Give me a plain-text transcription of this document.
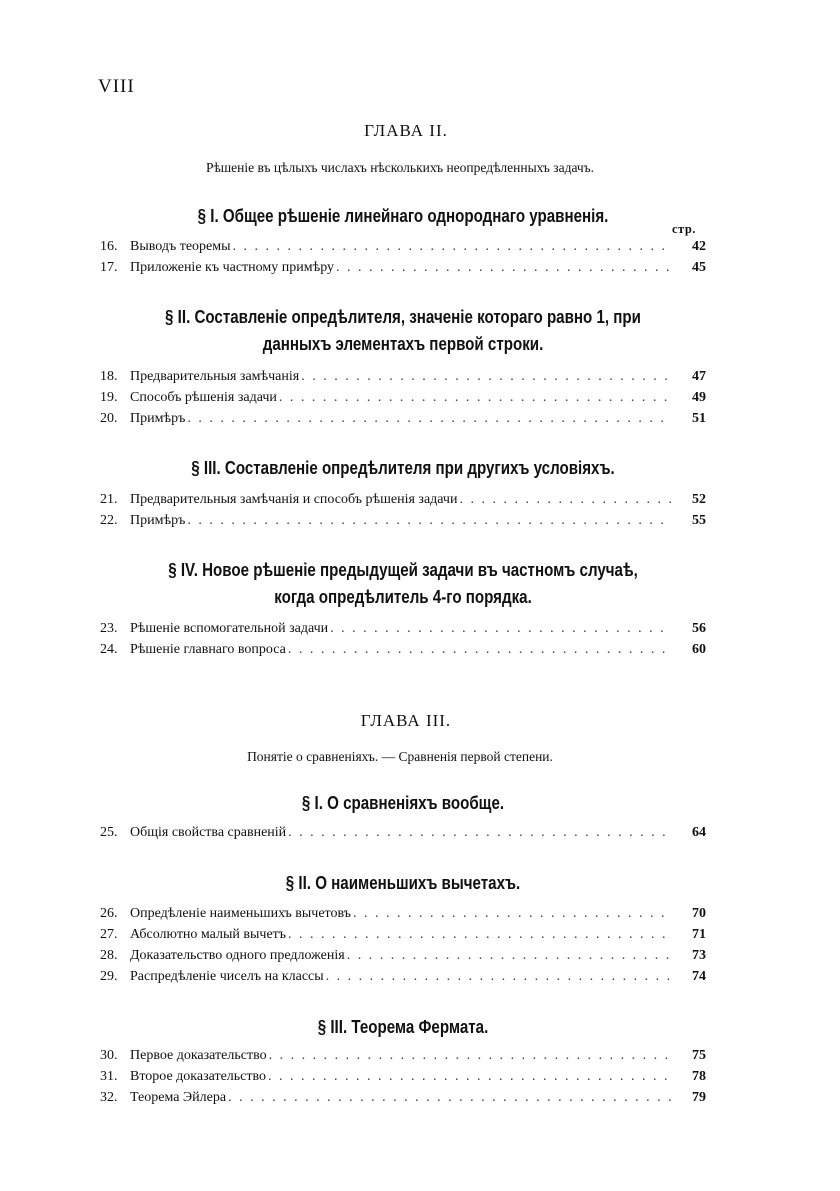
VIII
ГЛАВА II.
Рѣшеніе въ цѣлыхъ числахъ нѣсколькихъ неопредѣленныхъ задачъ.
§ I. Общее рѣшеніе линейнаго однороднаго уравненія.
стр.
16. Выводъ теоремы . . .	42
17. Приложеніе къ частному примѣру . . .	45
§ II. Составленіе опредѣлителя, значеніе котораго равно 1, при данныхъ элементахъ первой строки.
18. Предварительныя замѣчанія . . .	47
19. Способъ рѣшенія задачи . . .	49
20. Примѣръ . . .	51
§ III. Составленіе опредѣлителя при другихъ условіяхъ.
21. Предварительныя замѣчанія и способъ рѣшенія задачи . . .	52
22. Примѣръ . . .	55
§ IV. Новое рѣшеніе предыдущей задачи въ частномъ случаѣ, когда опредѣлитель 4-го порядка.
23. Рѣшеніе вспомогательной задачи . . .	56
24. Рѣшеніе главнаго вопроса . . .	60
ГЛАВА III.
Понятіе о сравненіяхъ. — Сравненія первой степени.
§ I. О сравненіяхъ вообще.
25. Общія свойства сравненій . . .	64
§ II. О наименьшихъ вычетахъ.
26. Опредѣленіе наименьшихъ вычетовъ . . .	70
27. Абсолютно малый вычетъ . . .	71
28. Доказательство одного предложенія . . .	73
29. Распредѣленіе чиселъ на классы . . .	74
§ III. Теорема Фермата.
30. Первое доказательство . . .	75
31. Второе доказательство . . .	78
32. Теорема Эйлера . . .	79
